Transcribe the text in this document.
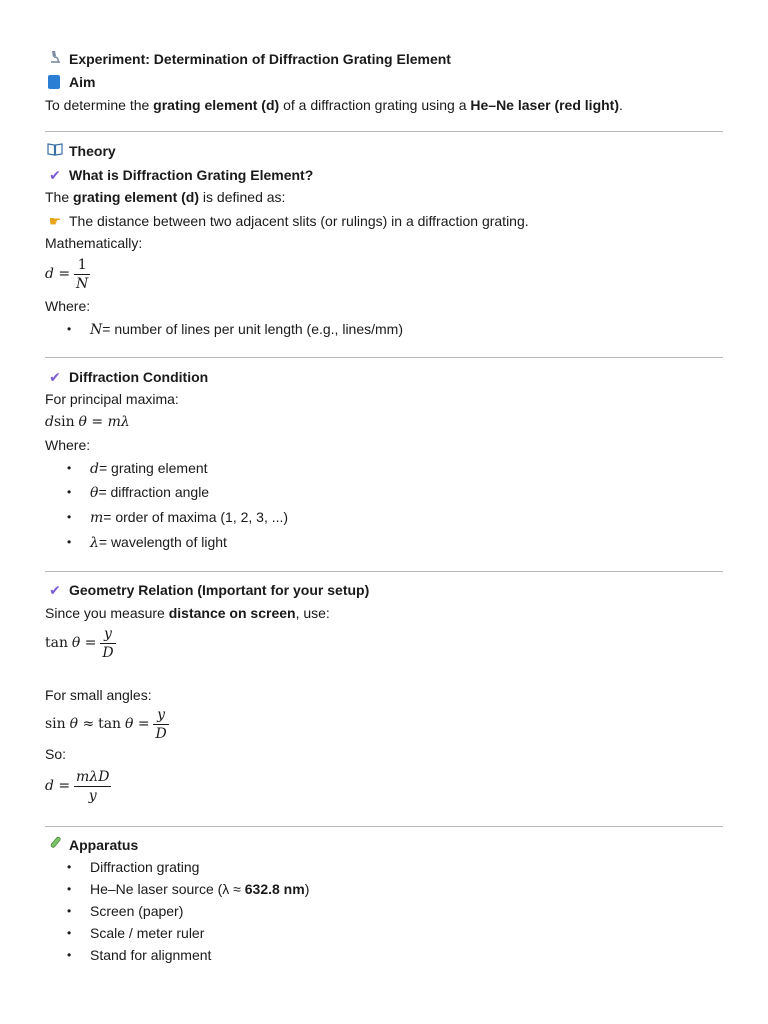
Experiment: Determination of Diffraction Grating Element
Aim
To determine the grating element (d) of a diffraction grating using a He–Ne laser (red light).
Theory
✔ What is Diffraction Grating Element?
The grating element (d) is defined as:
☛ The distance between two adjacent slits (or rulings) in a diffraction grating.
Mathematically:
$d = \frac{1}{N}$
Where:
• N= number of lines per unit length (e.g., lines/mm)
✔ Diffraction Condition
For principal maxima:
dsin θ = mλ
Where:
• d= grating element
• θ= diffraction angle
• m= order of maxima (1, 2, 3, ...)
• λ= wavelength of light
✔ Geometry Relation (Important for your setup)
Since you measure distance on screen, use:
$\tan \theta = \frac{y}{D}$
For small angles:
$\sin \theta \approx \tan \theta = \frac{y}{D}$
So:
$d = \frac{\text{mλD}}{y}$
Apparatus
• Diffraction grating
• He–Ne laser source (λ ≈ 632.8 nm)
• Screen (paper)
• Scale / meter ruler
• Stand for alignment
